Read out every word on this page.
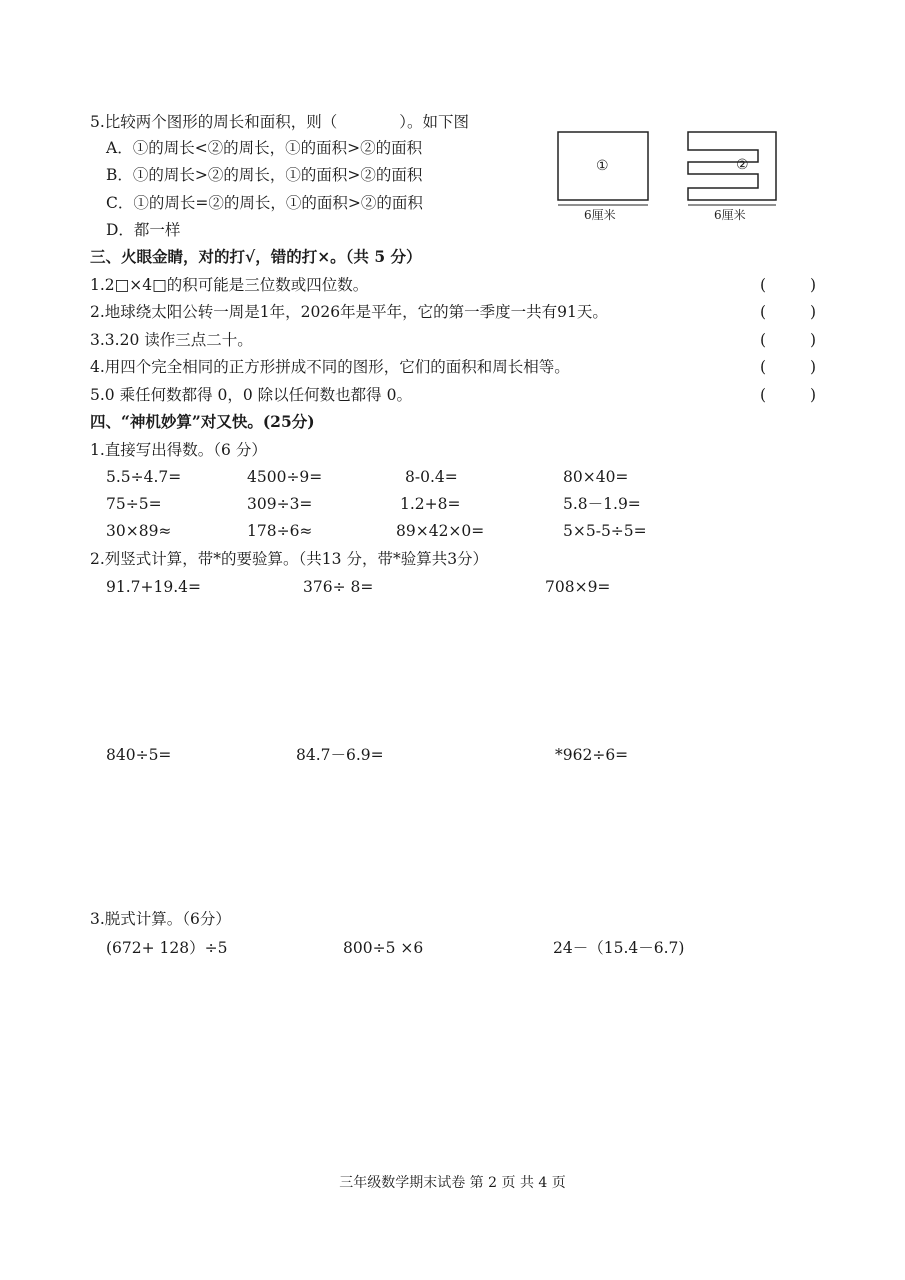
5.比较两个图形的周长和面积，则（　　　　）。如下图
A．①的周长<②的周长，①的面积>②的面积
B．①的周长>②的周长，①的面积>②的面积
C．①的周长=②的周长，①的面积>②的面积
D．都一样
①	②
6厘米	6厘米
三、火眼金睛，对的打√，错的打×。（共 5 分）
1.2□×4□的积可能是三位数或四位数。	(	)
2.地球绕太阳公转一周是1年，2026年是平年，它的第一季度一共有91天。	(	)
3.3.20 读作三点二十。	(	)
4.用四个完全相同的正方形拼成不同的图形，它们的面积和周长相等。	(	)
5.0 乘任何数都得 0，0 除以任何数也都得 0。	(	)
四、“神机妙算”对又快。(25分)
1.直接写出得数。（6 分）
5.5÷4.7=	4500÷9=	8-0.4=	80×40=
75÷5=	309÷3=	1.2+8=	5.8－1.9=
30×89≈	178÷6≈	89×42×0=	5×5-5÷5=
2.列竖式计算，带*的要验算。（共13 分，带*验算共3分）
91.7+19.4=	376÷ 8=	708×9=
840÷5=	84.7－6.9=	*962÷6=
3.脱式计算。（6分）
(672+ 128）÷5	800÷5 ×6	24－（15.4－6.7)
三年级数学期末试卷 第 2 页 共 4 页
